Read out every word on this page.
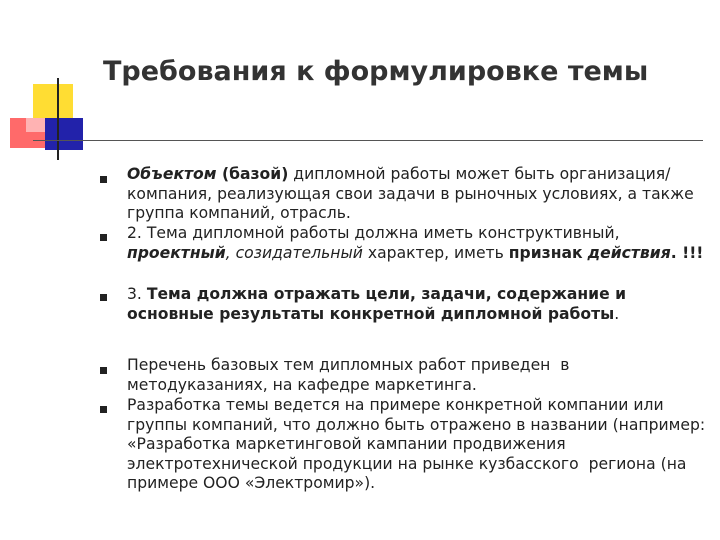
Требования к формулировке темы
Объектом (базой) дипломной работы может быть организация/компания, реализующая свои задачи в рыночных условиях, а также группа компаний, отрасль.
2. Тема дипломной работы должна иметь конструктивный, проектный, созидательный характер, иметь признак действия. !!!
3. Тема должна отражать цели, задачи, содержание и основные результаты конкретной дипломной работы.
Перечень базовых тем дипломных работ приведен  в методуказаниях, на кафедре маркетинга.
Разработка темы ведется на примере конкретной компании или группы компаний, что должно быть отражено в названии (например: «Разработка маркетинговой кампании продвижения электротехнической продукции на рынке кузбасского  региона (на примере ООО «Электромир»).
